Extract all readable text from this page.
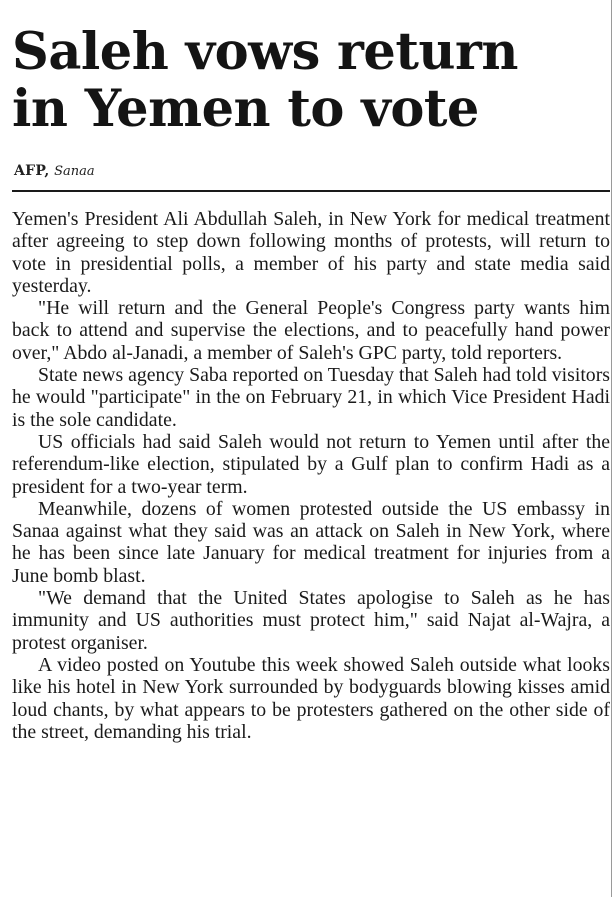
Saleh vows return
in Yemen to vote
AFP, Sanaa

Yemen's President Ali Abdullah Saleh, in New York for medical treatment after agreeing to step down following months of protests, will return to vote in presidential polls, a member of his party and state media said yesterday.

"He will return and the General People's Congress party wants him back to attend and supervise the elections, and to peacefully hand power over," Abdo al-Janadi, a member of Saleh's GPC party, told reporters.

State news agency Saba reported on Tuesday that Saleh had told visitors he would "participate" in the on February 21, in which Vice President Hadi is the sole candidate.

US officials had said Saleh would not return to Yemen until after the referendum-like election, stipulated by a Gulf plan to confirm Hadi as a president for a two-year term.

Meanwhile, dozens of women protested outside the US embassy in Sanaa against what they said was an attack on Saleh in New York, where he has been since late January for medical treatment for injuries from a June bomb blast.

"We demand that the United States apologise to Saleh as he has immunity and US authorities must protect him," said Najat al-Wajra, a protest organiser.

A video posted on Youtube this week showed Saleh outside what looks like his hotel in New York surrounded by bodyguards blowing kisses amid loud chants, by what appears to be protesters gathered on the other side of the street, demanding his trial.
